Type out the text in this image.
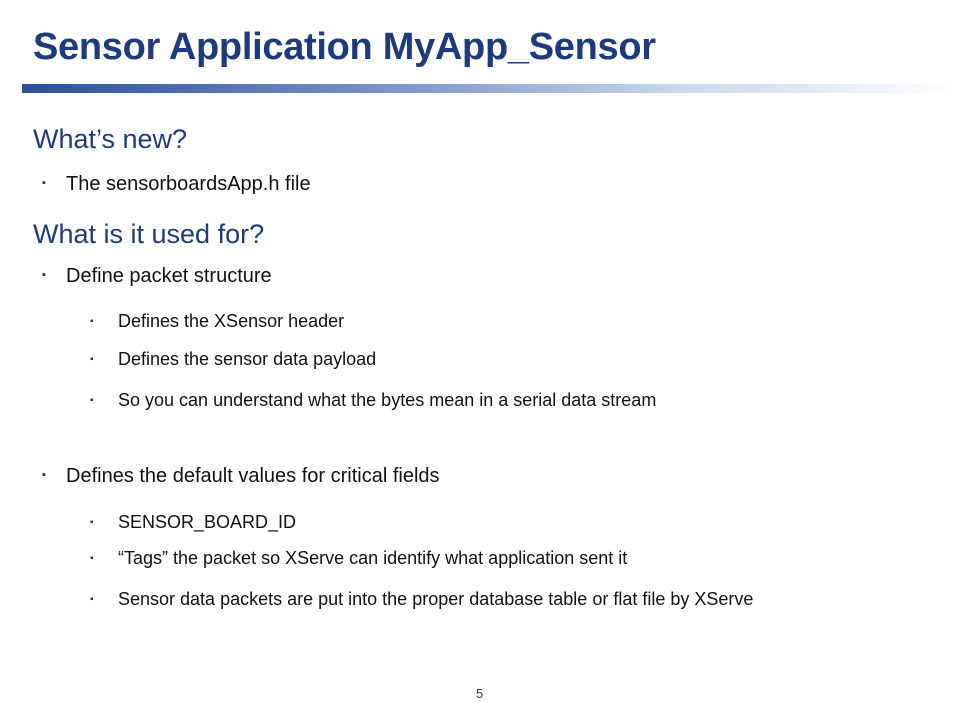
Sensor Application MyApp_Sensor
What’s new?
▪ The sensorboardsApp.h file
What is it used for?
▪ Define packet structure
▪ Defines the XSensor header
▪ Defines the sensor data payload
▪ So you can understand what the bytes mean in a serial data stream
▪ Defines the default values for critical fields
▪ SENSOR_BOARD_ID
▪ “Tags” the packet so XServe can identify what application sent it
▪ Sensor data packets are put into the proper database table or flat file by XServe
5
